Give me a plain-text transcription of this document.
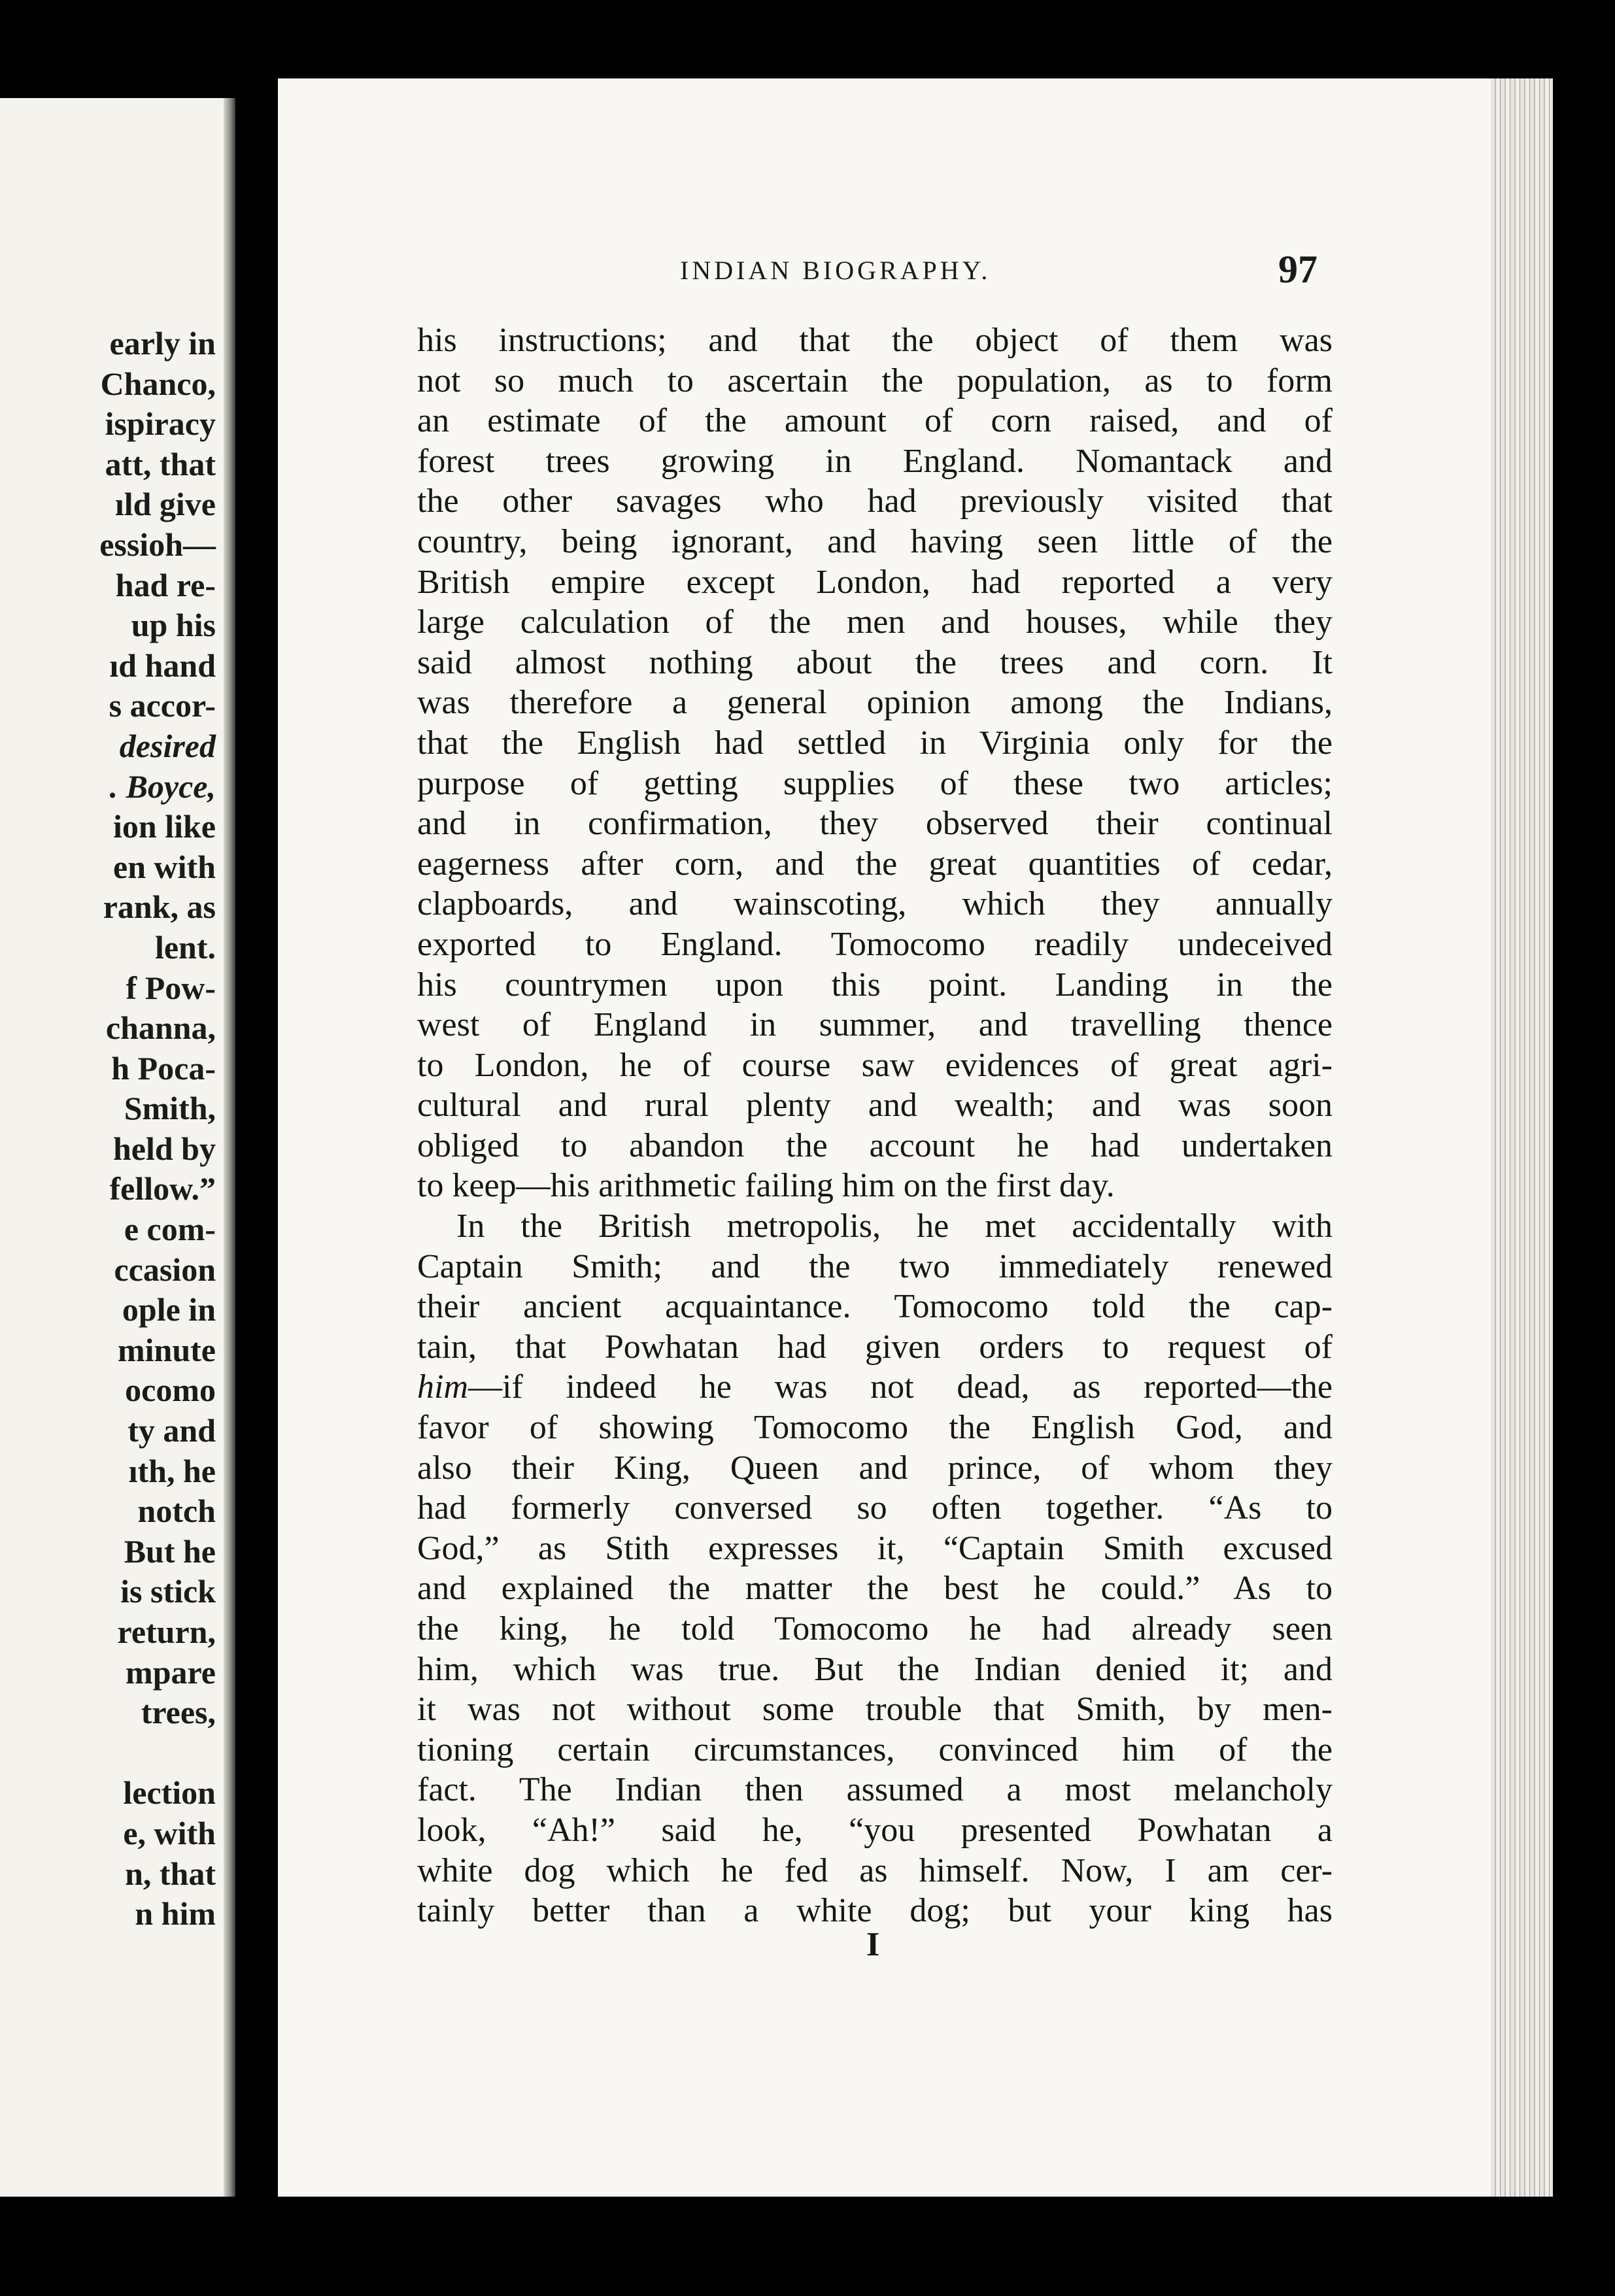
early in
Chanco,
ispiracy
att, that
ıld give
essioh—
had re-
up his
ıd hand
s accor-
desired
. Boyce,
ion like
en with
rank, as
lent.
f Pow-
channa,
h Poca-
Smith,
held by
fellow.”
e com-
ccasion
ople in
minute
ocomo
ty and
ıth, he
notch
But he
is stick
return,
mpare
trees,
lection
e, with
n, that
n him
INDIAN BIOGRAPHY.	97
his instructions; and that the object of them was
not so much to ascertain the population, as to form
an estimate of the amount of corn raised, and of
forest trees growing in England. Nomantack and
the other savages who had previously visited that
country, being ignorant, and having seen little of the
British empire except London, had reported a very
large calculation of the men and houses, while they
said almost nothing about the trees and corn. It
was therefore a general opinion among the Indians,
that the English had settled in Virginia only for the
purpose of getting supplies of these two articles;
and in confirmation, they observed their continual
eagerness after corn, and the great quantities of cedar,
clapboards, and wainscoting, which they annually
exported to England. Tomocomo readily undeceived
his countrymen upon this point. Landing in the
west of England in summer, and travelling thence
to London, he of course saw evidences of great agri-
cultural and rural plenty and wealth; and was soon
obliged to abandon the account he had undertaken
to keep—his arithmetic failing him on the first day.
In the British metropolis, he met accidentally with
Captain Smith; and the two immediately renewed
their ancient acquaintance. Tomocomo told the cap-
tain, that Powhatan had given orders to request of
him—if indeed he was not dead, as reported—the
favor of showing Tomocomo the English God, and
also their King, Queen and prince, of whom they
had formerly conversed so often together. “As to
God,” as Stith expresses it, “Captain Smith excused
and explained the matter the best he could.” As to
the king, he told Tomocomo he had already seen
him, which was true. But the Indian denied it; and
it was not without some trouble that Smith, by men-
tioning certain circumstances, convinced him of the
fact. The Indian then assumed a most melancholy
look, “Ah!” said he, “you presented Powhatan a
white dog which he fed as himself. Now, I am cer-
tainly better than a white dog; but your king has
I
